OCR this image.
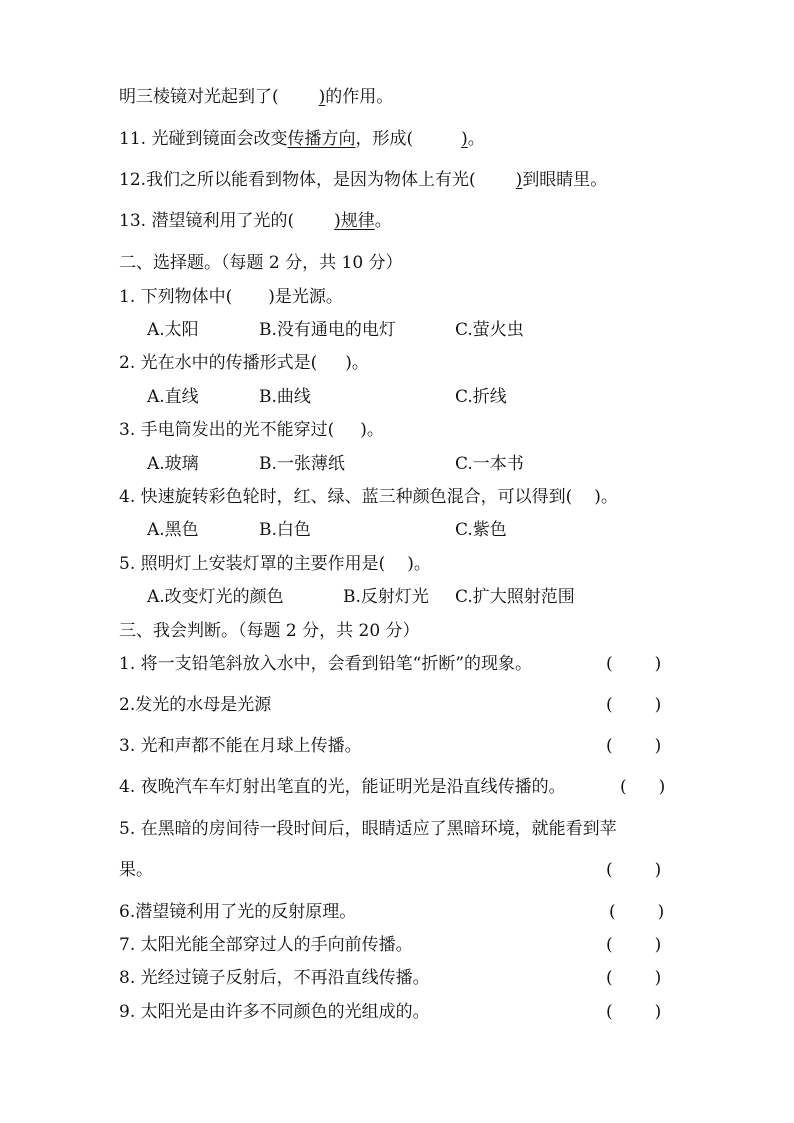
明三棱镜对光起到了( )的作用。
11. 光碰到镜面会改变传播方向，形成(	)。
12.我们之所以能看到物体，是因为物体上有光( )到眼睛里。
13. 潜望镜利用了光的( )规律。
二、选择题。（每题 2 分，共 10 分）
1. 下列物体中( )是光源。
A.太阳	B.没有通电的电灯	C.萤火虫
2. 光在水中的传播形式是( )。
A.直线	B.曲线	C.折线
3. 手电筒发出的光不能穿过( )。
A.玻璃	B.一张薄纸	C.一本书
4. 快速旋转彩色轮时，红、绿、蓝三种颜色混合，可以得到( )。
A.黑色	B.白色	C.紫色
5. 照明灯上安装灯罩的主要作用是( )。
A.改变灯光的颜色	B.反射灯光 C.扩大照射范围
三、我会判断。（每题 2 分，共 20 分）
1. 将一支铅笔斜放入水中，会看到铅笔“折断”的现象。	( )
2.发光的水母是光源	( )
3. 光和声都不能在月球上传播。	( )
4. 夜晚汽车车灯射出笔直的光，能证明光是沿直线传播的。	( )
5. 在黑暗的房间待一段时间后，眼睛适应了黑暗环境，就能看到苹
果。	( )
6.潜望镜利用了光的反射原理。	( )
7. 太阳光能全部穿过人的手向前传播。	( )
8. 光经过镜子反射后，不再沿直线传播。	( )
9. 太阳光是由许多不同颜色的光组成的。	( )
